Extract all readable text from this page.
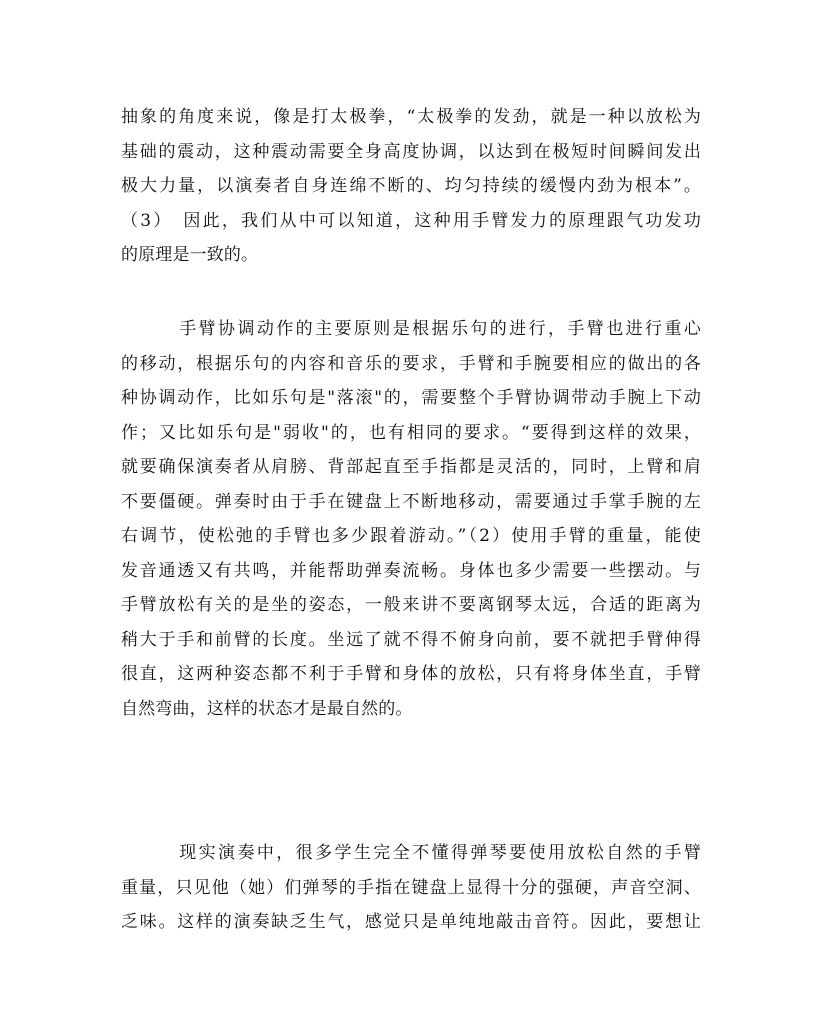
抽象的角度来说，像是打太极拳，“太极拳的发劲，就是一种以放松为
基础的震动，这种震动需要全身高度协调，以达到在极短时间瞬间发出
极大力量，以演奏者自身连绵不断的、均匀持续的缓慢内劲为根本”。
（3）　因此，我们从中可以知道，这种用手臂发力的原理跟气功发功
的原理是一致的。
　　　手臂协调动作的主要原则是根据乐句的进行，手臂也进行重心
的移动，根据乐句的内容和音乐的要求，手臂和手腕要相应的做出的各
种协调动作，比如乐句是"落滚"的，需要整个手臂协调带动手腕上下动
作；又比如乐句是"弱收"的，也有相同的要求。“要得到这样的效果，
就要确保演奏者从肩膀、背部起直至手指都是灵活的，同时，上臂和肩
不要僵硬。弹奏时由于手在键盘上不断地移动，需要通过手掌手腕的左
右调节，使松弛的手臂也多少跟着游动。”（2）使用手臂的重量，能使
发音通透又有共鸣，并能帮助弹奏流畅。身体也多少需要一些摆动。与
手臂放松有关的是坐的姿态，一般来讲不要离钢琴太远，合适的距离为
稍大于手和前臂的长度。坐远了就不得不俯身向前，要不就把手臂伸得
很直，这两种姿态都不利于手臂和身体的放松，只有将身体坐直，手臂
自然弯曲，这样的状态才是最自然的。
　　　现实演奏中，很多学生完全不懂得弹琴要使用放松自然的手臂
重量，只见他（她）们弹琴的手指在键盘上显得十分的强硬，声音空洞、
乏味。这样的演奏缺乏生气，感觉只是单纯地敲击音符。因此，要想让
